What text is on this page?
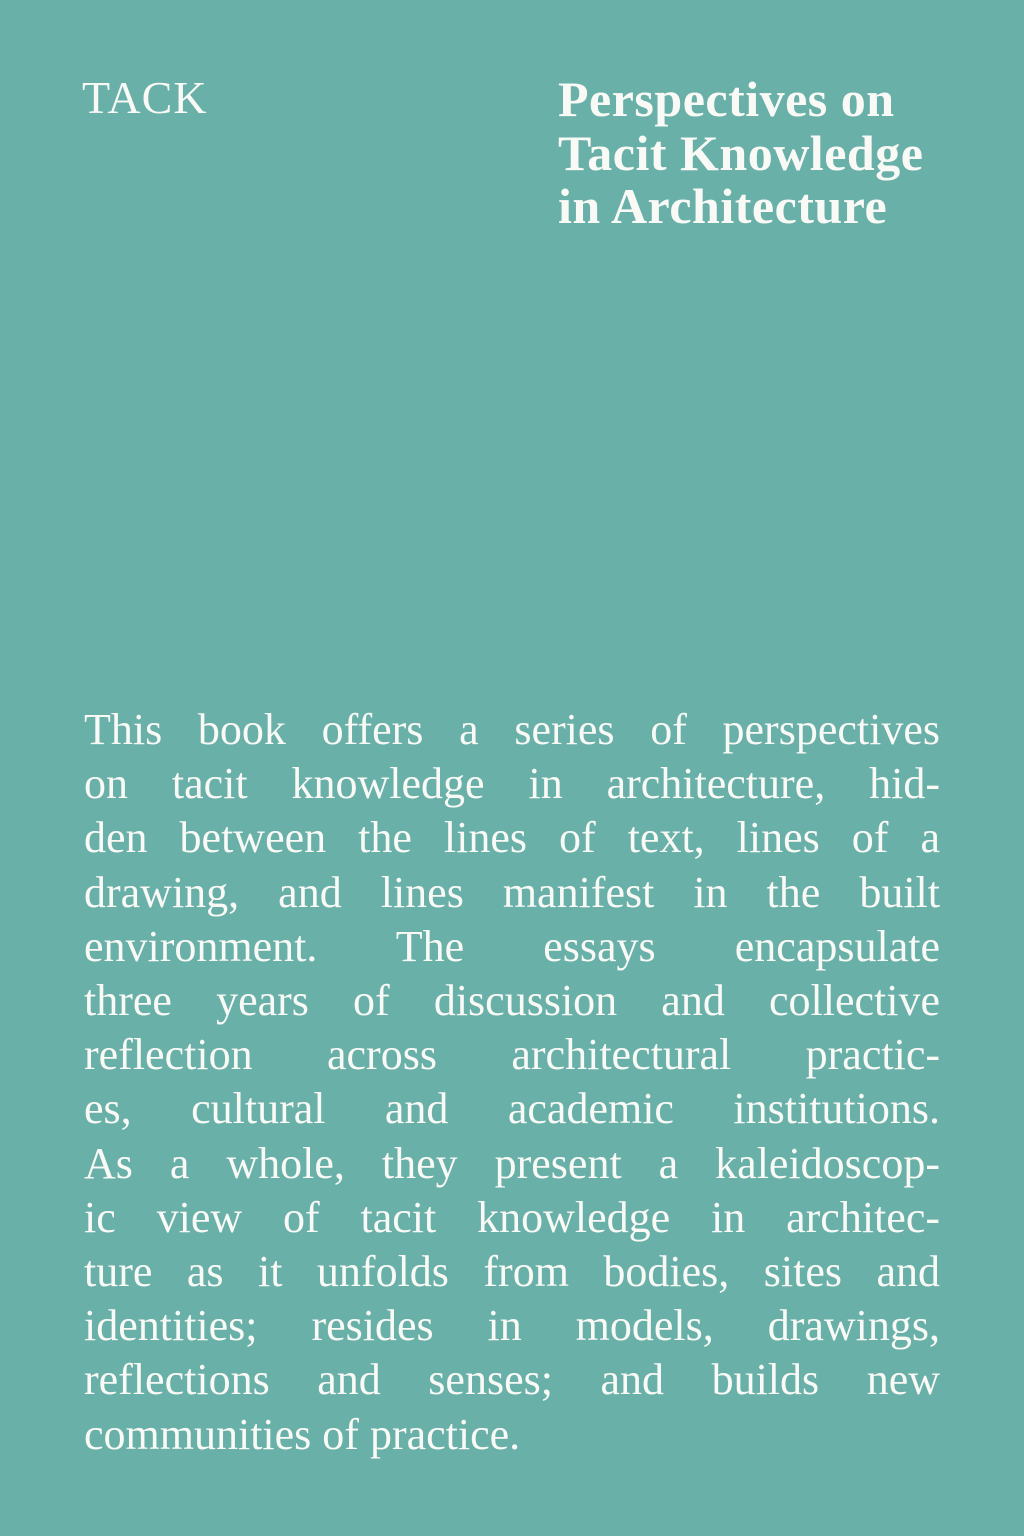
TACK	Perspectives on
Tacit Knowledge
in Architecture
This book offers a series of perspectives
on tacit knowledge in architecture, hid-
den between the lines of text, lines of a
drawing, and lines manifest in the built
environment. The essays encapsulate
three years of discussion and collective
reflection across architectural practic-
es, cultural and academic institutions.
As a whole, they present a kaleidoscop-
ic view of tacit knowledge in architec-
ture as it unfolds from bodies, sites and
identities; resides in models, drawings,
reflections and senses; and builds new
communities of practice.
